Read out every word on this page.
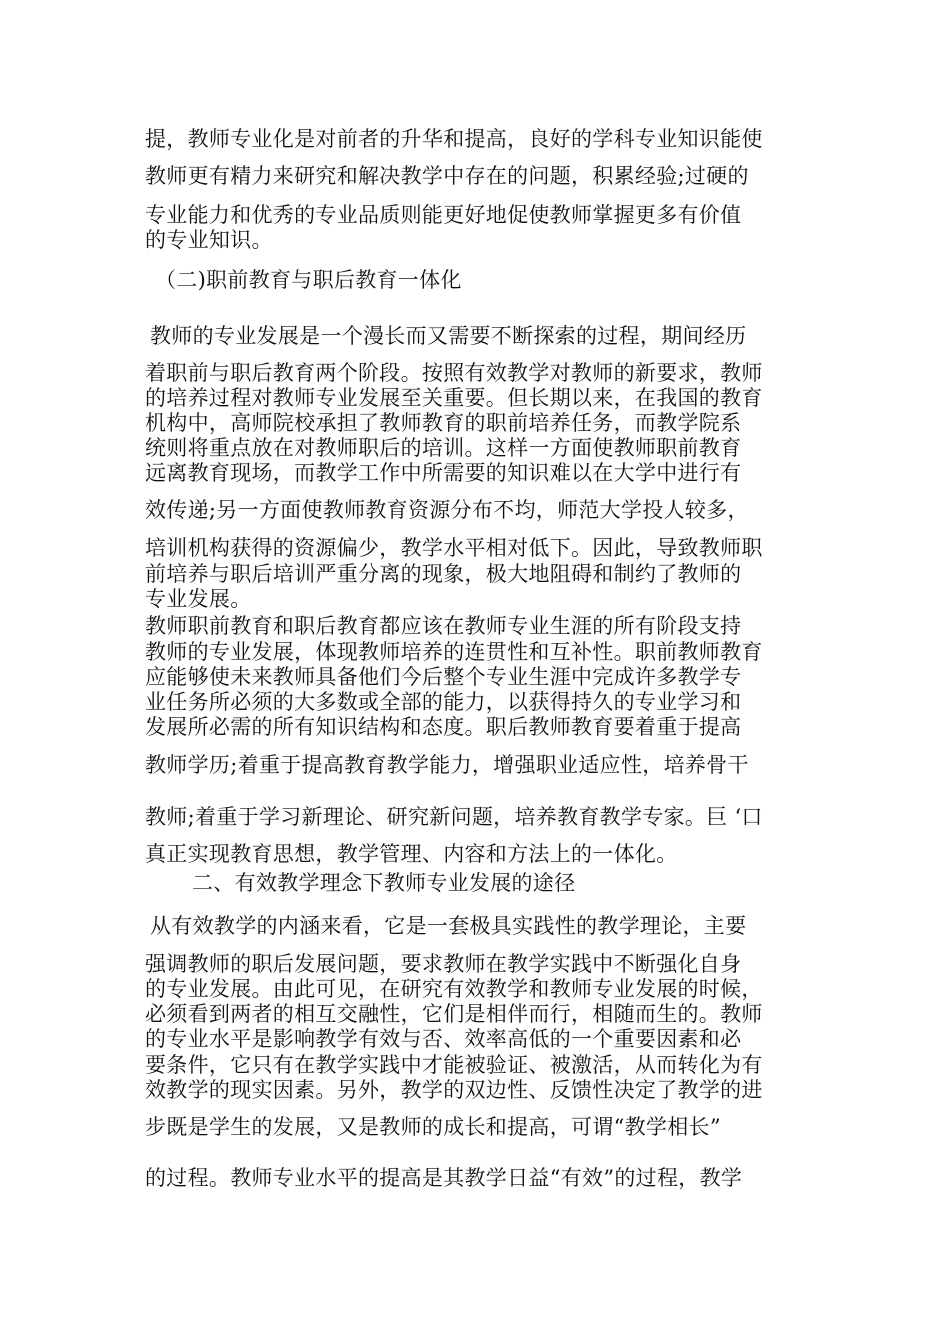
提，教师专业化是对前者的升华和提高，良好的学科专业知识能使
教师更有精力来研究和解决教学中存在的问题，积累经验;过硬的
专业能力和优秀的专业品质则能更好地促使教师掌握更多有价值
的专业知识。
（二)职前教育与职后教育一体化
教师的专业发展是一个漫长而又需要不断探索的过程，期间经历
着职前与职后教育两个阶段。按照有效教学对教师的新要求，教师
的培养过程对教师专业发展至关重要。但长期以来，在我国的教育
机构中，高师院校承担了教师教育的职前培养任务，而教学院系
统则将重点放在对教师职后的培训。这样一方面使教师职前教育
远离教育现场，而教学工作中所需要的知识难以在大学中进行有
效传递;另一方面使教师教育资源分布不均，师范大学投人较多，
培训机构获得的资源偏少，教学水平相对低下。因此，导致教师职
前培养与职后培训严重分离的现象，极大地阻碍和制约了教师的
专业发展。
教师职前教育和职后教育都应该在教师专业生涯的所有阶段支持
教师的专业发展，体现教师培养的连贯性和互补性。职前教师教育
应能够使未来教师具备他们今后整个专业生涯中完成许多教学专
业任务所必须的大多数或全部的能力，以获得持久的专业学习和
发展所必需的所有知识结构和态度。职后教师教育要着重于提高
教师学历;着重于提高教育教学能力，增强职业适应性，培养骨干
教师;着重于学习新理论、研究新问题，培养教育教学专家。巨 ‘口
真正实现教育思想，教学管理、内容和方法上的一体化。
二、有效教学理念下教师专业发展的途径
从有效教学的内涵来看，它是一套极具实践性的教学理论，主要
强调教师的职后发展问题，要求教师在教学实践中不断强化自身
的专业发展。由此可见，在研究有效教学和教师专业发展的时候，
必须看到两者的相互交融性，它们是相伴而行，相随而生的。教师
的专业水平是影响教学有效与否、效率高低的一个重要因素和必
要条件，它只有在教学实践中才能被验证、被激活，从而转化为有
效教学的现实因素。另外，教学的双边性、反馈性决定了教学的进
步既是学生的发展，又是教师的成长和提高，可谓“教学相长”
的过程。教师专业水平的提高是其教学日益“有效”的过程，教学
